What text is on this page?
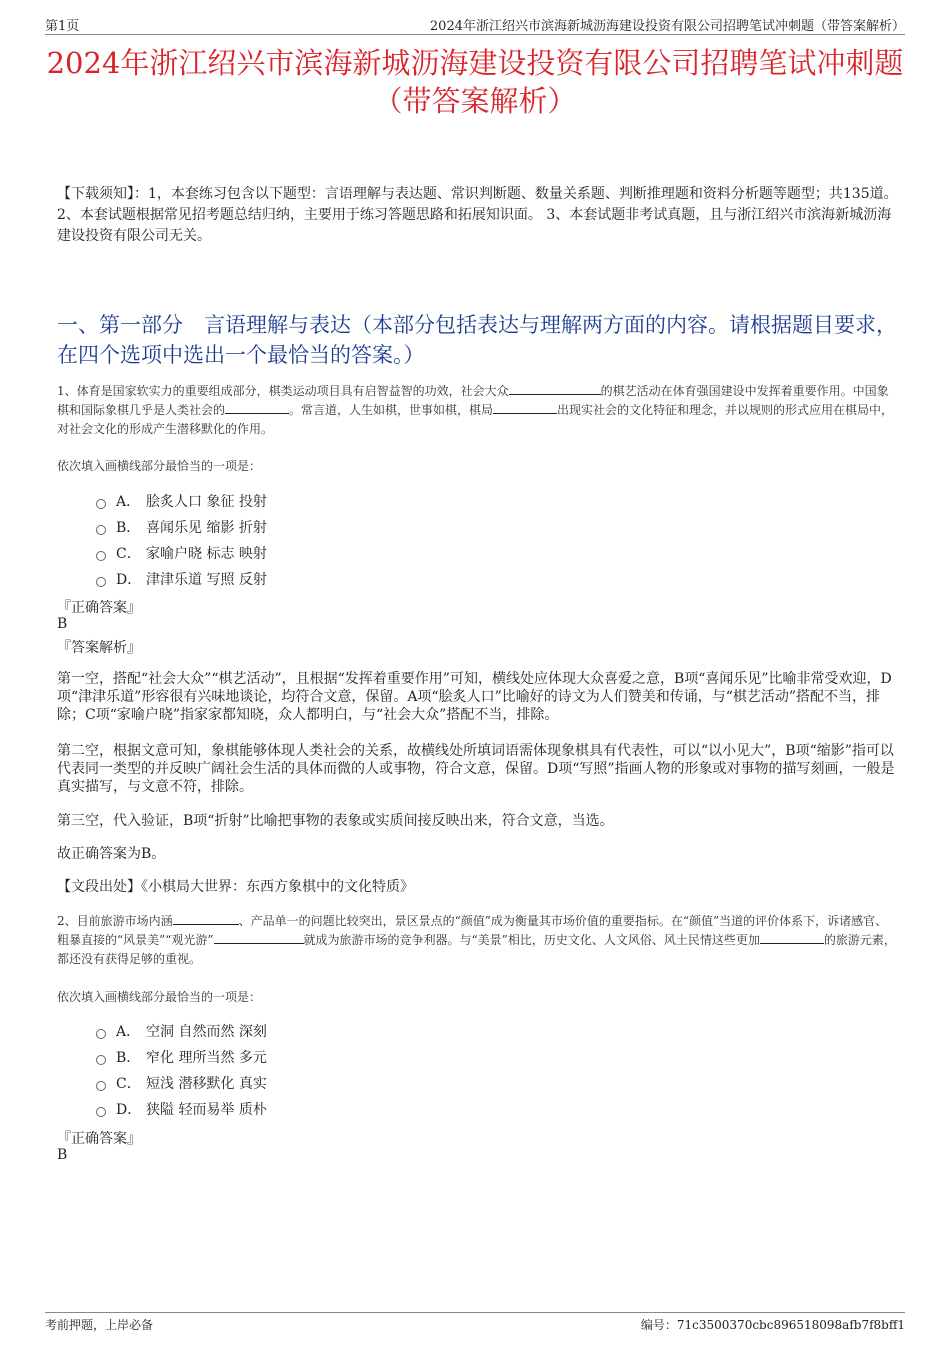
第1页	2024年浙江绍兴市滨海新城沥海建设投资有限公司招聘笔试冲刺题（带答案解析）
2024年浙江绍兴市滨海新城沥海建设投资有限公司招聘笔试冲刺题（带答案解析）
【下载须知】：1，本套练习包含以下题型：言语理解与表达题、常识判断题、数量关系题、判断推理题和资料分析题等题型；共135道。 2、本套试题根据常见招考题总结归纳，主要用于练习答题思路和拓展知识面。 3、本套试题非考试真题，且与浙江绍兴市滨海新城沥海建设投资有限公司无关。
一、第一部分　言语理解与表达（本部分包括表达与理解两方面的内容。请根据题目要求，在四个选项中选出一个最恰当的答案。）
1、体育是国家软实力的重要组成部分，棋类运动项目具有启智益智的功效，社会大众	的棋艺活动在体育强国建设中发挥着重要作用。中国象棋和国际象棋几乎是人类社会的	。常言道，人生如棋，世事如棋，棋局	出现实社会的文化特征和理念，并以规则的形式应用在棋局中，对社会文化的形成产生潜移默化的作用。
依次填入画横线部分最恰当的一项是：
A． 脍炙人口 象征 投射
B． 喜闻乐见 缩影 折射
C． 家喻户晓 标志 映射
D． 津津乐道 写照 反射
『正确答案』
B
『答案解析』
第一空，搭配“社会大众”“棋艺活动”，且根据“发挥着重要作用”可知，横线处应体现大众喜爱之意，B项“喜闻乐见”比喻非常受欢迎，D项“津津乐道”形容很有兴味地谈论，均符合文意，保留。A项“脍炙人口”比喻好的诗文为人们赞美和传诵，与“棋艺活动”搭配不当，排除；C项“家喻户晓”指家家都知晓，众人都明白，与“社会大众”搭配不当，排除。
第二空，根据文意可知，象棋能够体现人类社会的关系，故横线处所填词语需体现象棋具有代表性，可以“以小见大”，B项“缩影”指可以代表同一类型的并反映广阔社会生活的具体而微的人或事物，符合文意，保留。D项“写照”指画人物的形象或对事物的描写刻画，一般是真实描写，与文意不符，排除。
第三空，代入验证，B项“折射”比喻把事物的表象或实质间接反映出来，符合文意，当选。
故正确答案为B。
【文段出处】《小棋局大世界：东西方象棋中的文化特质》
2、目前旅游市场内涵	、产品单一的问题比较突出，景区景点的“颜值”成为衡量其市场价值的重要指标。在“颜值”当道的评价体系下，诉诸感官、粗暴直接的“风景美”“观光游”	就成为旅游市场的竞争利器。与“美景”相比，历史文化、人文风俗、风土民情这些更加	的旅游元素，都还没有获得足够的重视。
依次填入画横线部分最恰当的一项是：
A． 空洞 自然而然 深刻
B． 窄化 理所当然 多元
C． 短浅 潜移默化 真实
D． 狭隘 轻而易举 质朴
『正确答案』
B
考前押题，上岸必备	编号：71c3500370cbc896518098afb7f8bff1
